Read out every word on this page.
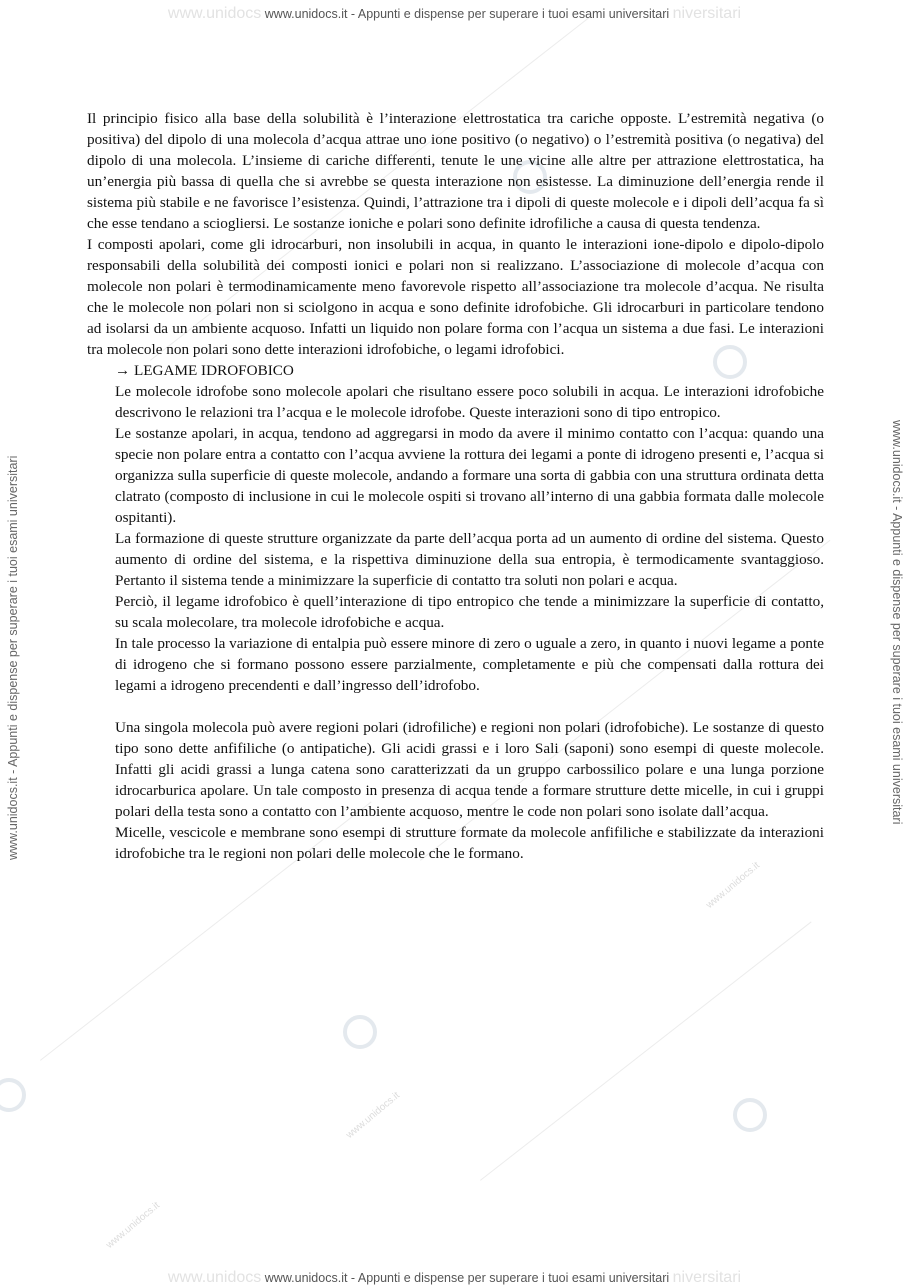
www.unidocs.it
www.unidocs.it
www.unidocs.it
www.unidocs www.unidocs.it - Appunti e dispense per superare i tuoi esami universitari niversitari
www.unidocs www.unidocs.it - Appunti e dispense per superare i tuoi esami universitari niversitari
www.unidocs.it - Appunti e dispense per superare i tuoi esami universitari	www.unidocs.it - Appunti e dispense per superare i tuoi esami universitari

Il principio fisico alla base della solubilità è l’interazione elettrostatica tra cariche opposte. L’estremità negativa (o positiva) del dipolo di una molecola d’acqua attrae uno ione positivo (o negativo) o l’estremità positiva (o negativa) del dipolo di una molecola. L’insieme di cariche differenti, tenute le une vicine alle altre per attrazione elettrostatica, ha un’energia più bassa di quella che si avrebbe se questa interazione non esistesse. La diminuzione dell’energia rende il sistema più stabile e ne favorisce l’esistenza. Quindi, l’attrazione tra i dipoli di queste molecole e i dipoli dell’acqua fa sì che esse tendano a sciogliersi. Le sostanze ioniche e polari sono definite idrofiliche a causa di questa tendenza.

I composti apolari, come gli idrocarburi, non insolubili in acqua, in quanto le interazioni ione-dipolo e dipolo-dipolo responsabili della solubilità dei composti ionici e polari non si realizzano. L’associazione di molecole d’acqua con molecole non polari è termodinamicamente meno favorevole rispetto all’associazione tra molecole d’acqua. Ne risulta che le molecole non polari non si sciolgono in acqua e sono definite idrofobiche. Gli idrocarburi in particolare tendono ad isolarsi da un ambiente acquoso. Infatti un liquido non polare forma con l’acqua un sistema a due fasi. Le interazioni tra molecole non polari sono dette interazioni idrofobiche, o legami idrofobici.

→ LEGAME IDROFOBICO

Le molecole idrofobe sono molecole apolari che risultano essere poco solubili in acqua. Le interazioni idrofobiche descrivono le relazioni tra l’acqua e le molecole idrofobe. Queste interazioni sono di tipo entropico.

Le sostanze apolari, in acqua, tendono ad aggregarsi in modo da avere il minimo contatto con l’acqua: quando una specie non polare entra a contatto con l’acqua avviene la rottura dei legami a ponte di idrogeno presenti e, l’acqua si organizza sulla superficie di queste molecole, andando a formare una sorta di gabbia con una struttura ordinata detta clatrato (composto di inclusione in cui le molecole ospiti si trovano all’interno di una gabbia formata dalle molecole ospitanti).

La formazione di queste strutture organizzate da parte dell’acqua porta ad un aumento di ordine del sistema. Questo aumento di ordine del sistema, e la rispettiva diminuzione della sua entropia, è termodicamente svantaggioso. Pertanto il sistema tende a minimizzare la superficie di contatto tra soluti non polari e acqua.

Perciò, il legame idrofobico è quell’interazione di tipo entropico che tende a minimizzare la superficie di contatto, su scala molecolare, tra molecole idrofobiche e acqua.

In tale processo la variazione di entalpia può essere minore di zero o uguale a zero, in quanto i nuovi legame a ponte di idrogeno che si formano possono essere parzialmente, completamente e più che compensati dalla rottura dei legami a idrogeno precendenti e dall’ingresso dell’idrofobo.

Una singola molecola può avere regioni polari (idrofiliche) e regioni non polari (idrofobiche). Le sostanze di questo tipo sono dette anfifiliche (o antipatiche). Gli acidi grassi e i loro Sali (saponi) sono esempi di queste molecole. Infatti gli acidi grassi a lunga catena sono caratterizzati da un gruppo carbossilico polare e una lunga porzione idrocarburica apolare. Un tale composto in presenza di acqua tende a formare strutture dette micelle, in cui i gruppi polari della testa sono a contatto con l’ambiente acquoso, mentre le code non polari sono isolate dall’acqua.

Micelle, vescicole e membrane sono esempi di strutture formate da molecole anfifiliche e stabilizzate da interazioni idrofobiche tra le regioni non polari delle molecole che le formano.
